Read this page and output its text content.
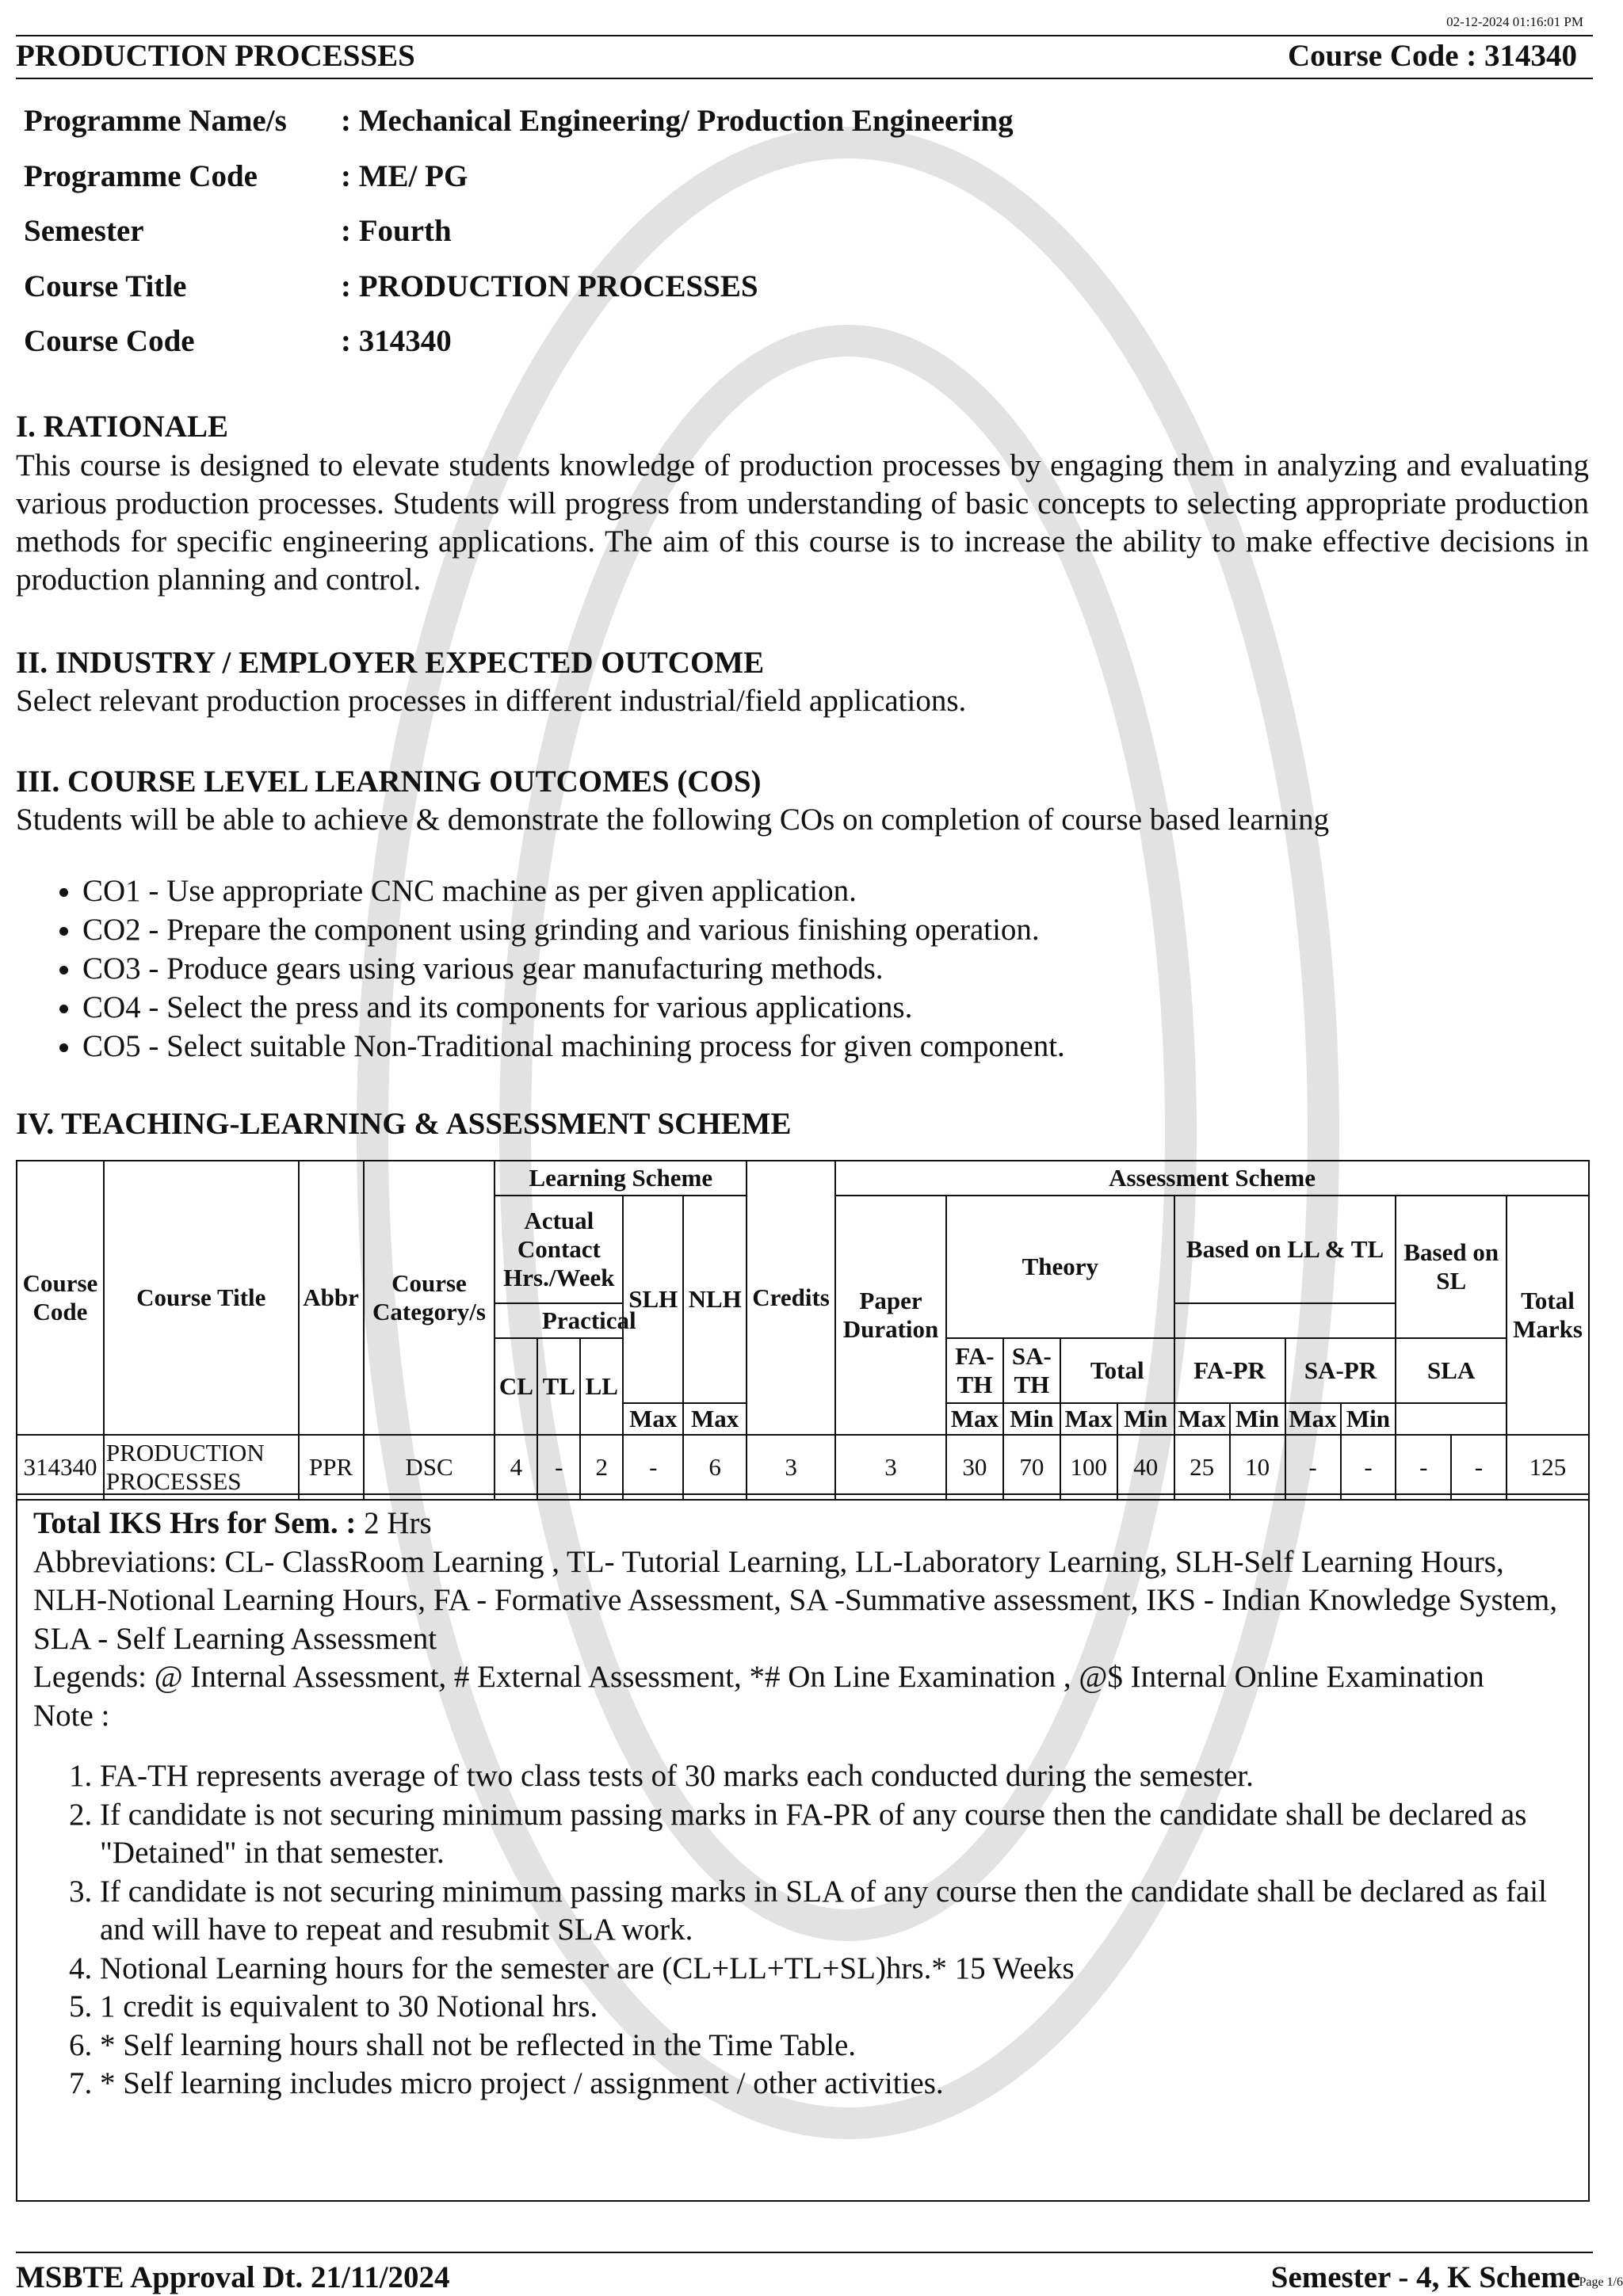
02-12-2024 01:16:01 PM
PRODUCTION PROCESSES	Course Code : 314340
Programme Name/s	: Mechanical Engineering/ Production Engineering
Programme Code	: ME/ PG
Semester	: Fourth
Course Title	: PRODUCTION PROCESSES
Course Code	: 314340
I. RATIONALE
This course is designed to elevate students knowledge of production processes by engaging them in analyzing and evaluating various production processes. Students will progress from understanding of basic concepts to selecting appropriate production methods for specific engineering applications. The aim of this course is to increase the ability to make effective decisions in production planning and control.
II. INDUSTRY / EMPLOYER EXPECTED OUTCOME
Select relevant production processes in different industrial/field applications.
III. COURSE LEVEL LEARNING OUTCOMES (COS)
Students will be able to achieve & demonstrate the following COs on completion of course based learning
• CO1 - Use appropriate CNC machine as per given application.
• CO2 - Prepare the component using grinding and various finishing operation.
• CO3 - Produce gears using various gear manufacturing methods.
• CO4 - Select the press and its components for various applications.
• CO5 - Select suitable Non-Traditional machining process for given component.
IV. TEACHING-LEARNING & ASSESSMENT SCHEME
Course Code	Course Title	Abbr	Course Category/s	Learning Scheme					Credits	Assessment Scheme											
				Actual Contact Hrs./Week			SLH	NLH		Paper Duration	Theory				Based on LL & TL				Based on SL		Total Marks
				Practical																	
				CL	TL	LL					FA-TH	SA-TH	Total		FA-PR		SA-PR		SLA		
							Max	Max			Max	Min	Max	Min	Max	Min	Max	Min			
314340	PRODUCTION PROCESSES	PPR	DSC	4	-	2	-	6	3	3	30	70	100	40	25	10	-	-	-	-	125
Total IKS Hrs for Sem. : 2 Hrs
Abbreviations: CL- ClassRoom Learning , TL- Tutorial Learning, LL-Laboratory Learning, SLH-Self Learning Hours, NLH-Notional Learning Hours, FA - Formative Assessment, SA -Summative assessment, IKS - Indian Knowledge System, SLA - Self Learning Assessment
Legends: @ Internal Assessment, # External Assessment, *# On Line Examination , @$ Internal Online Examination
Note :
1. FA-TH represents average of two class tests of 30 marks each conducted during the semester.
2. If candidate is not securing minimum passing marks in FA-PR of any course then the candidate shall be declared as "Detained" in that semester.
3. If candidate is not securing minimum passing marks in SLA of any course then the candidate shall be declared as fail and will have to repeat and resubmit SLA work.
4. Notional Learning hours for the semester are (CL+LL+TL+SL)hrs.* 15 Weeks
5. 1 credit is equivalent to 30 Notional hrs.
6. * Self learning hours shall not be reflected in the Time Table.
7. * Self learning includes micro project / assignment / other activities.
MSBTE Approval Dt. 21/11/2024	Semester - 4, K Scheme
Page 1/6
